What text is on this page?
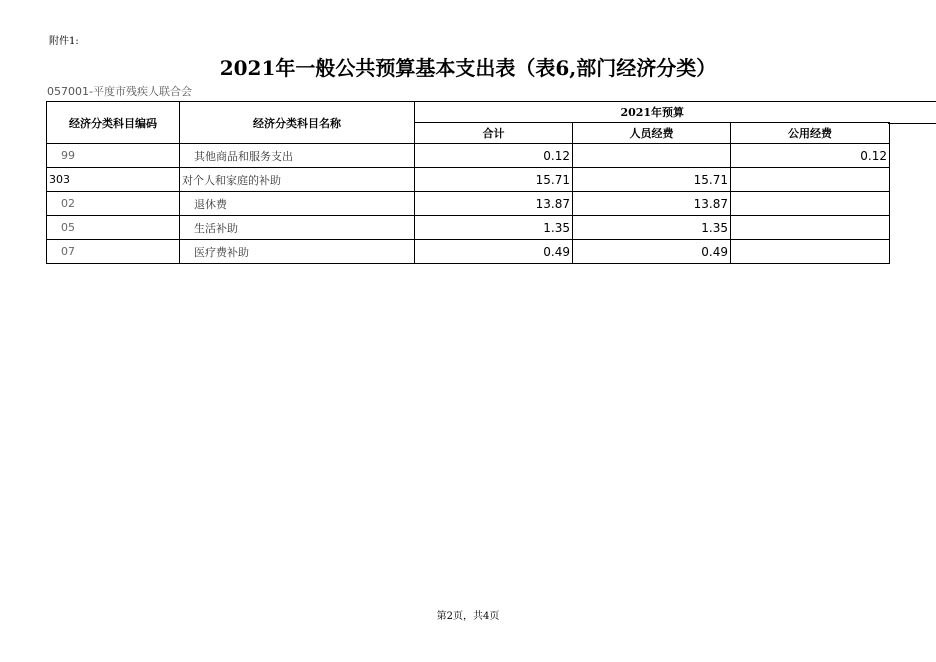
附件1:
2021年一般公共预算基本支出表（表6,部门经济分类）
057001-平度市残疾人联合会
经济分类科目编码	经济分类科目名称	2021年预算		
		合计	人员经费	公用经费
99	其他商品和服务支出	0.12		0.12
303	对个人和家庭的补助	15.71	15.71	
02	退休费	13.87	13.87	
05	生活补助	1.35	1.35	
07	医疗费补助	0.49	0.49	
第2页，共4页
